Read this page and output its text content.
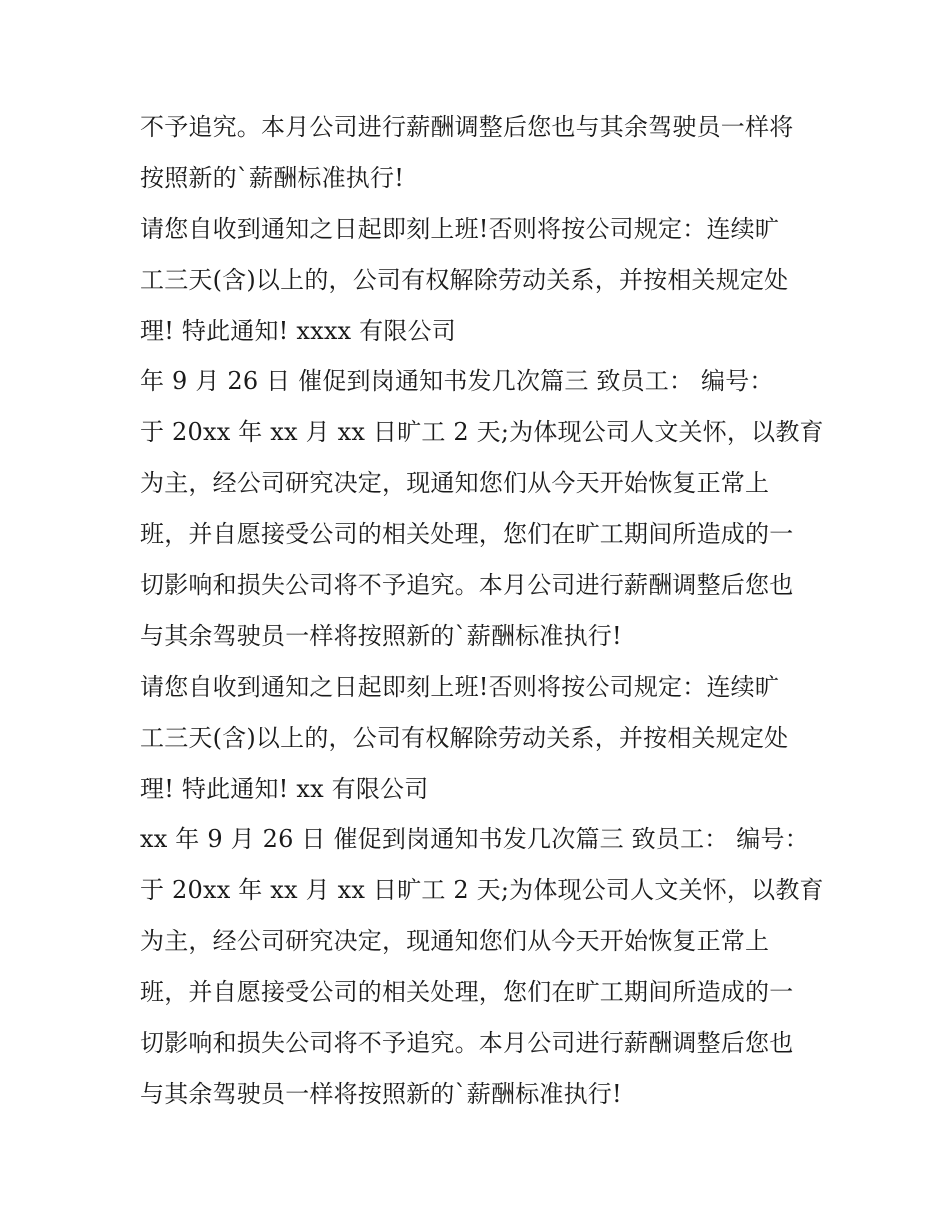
不予追究。本月公司进行薪酬调整后您也与其余驾驶员一样将
按照新的`薪酬标准执行!
请您自收到通知之日起即刻上班!否则将按公司规定：连续旷
工三天(含)以上的，公司有权解除劳动关系，并按相关规定处
理! 特此通知! xxxx 有限公司
年 9 月 26 日 催促到岗通知书发几次篇三 致员工： 编号：
于 20xx 年 xx 月 xx 日旷工 2 天;为体现公司人文关怀，以教育
为主，经公司研究决定，现通知您们从今天开始恢复正常上
班，并自愿接受公司的相关处理，您们在旷工期间所造成的一
切影响和损失公司将不予追究。本月公司进行薪酬调整后您也
与其余驾驶员一样将按照新的`薪酬标准执行!
请您自收到通知之日起即刻上班!否则将按公司规定：连续旷
工三天(含)以上的，公司有权解除劳动关系，并按相关规定处
理! 特此通知! xx 有限公司
xx 年 9 月 26 日 催促到岗通知书发几次篇三 致员工： 编号：
于 20xx 年 xx 月 xx 日旷工 2 天;为体现公司人文关怀，以教育
为主，经公司研究决定，现通知您们从今天开始恢复正常上
班，并自愿接受公司的相关处理，您们在旷工期间所造成的一
切影响和损失公司将不予追究。本月公司进行薪酬调整后您也
与其余驾驶员一样将按照新的`薪酬标准执行!
